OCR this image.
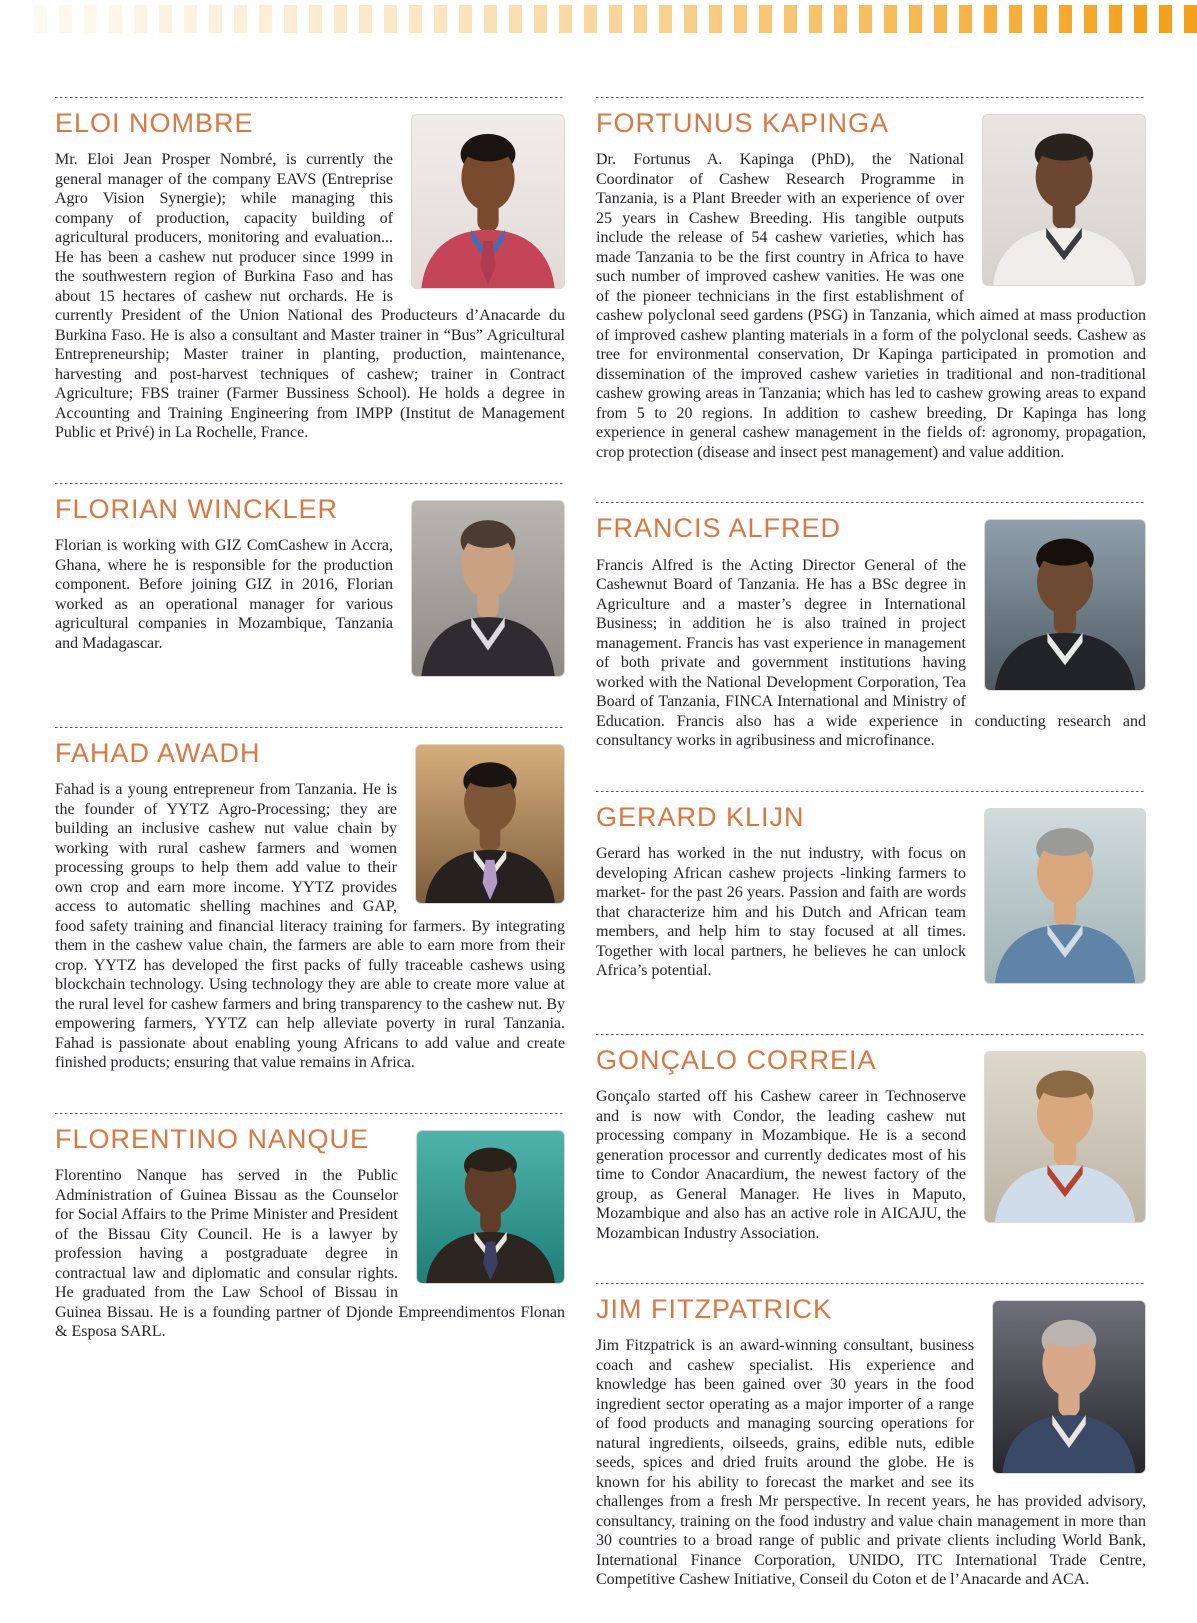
ELOI NOMBRE

Mr. Eloi Jean Prosper Nombré, is currently the general manager of the company EAVS (Entreprise Agro Vision Synergie); while managing this company of production, capacity building of agricultural producers, monitoring and evaluation... He has been a cashew nut producer since 1999 in the southwestern region of Burkina Faso and has about 15 hectares of cashew nut orchards. He is currently President of the Union National des Producteurs d’Anacarde du Burkina Faso. He is also a consultant and Master trainer in “Bus” Agricultural Entrepreneurship; Master trainer in planting, production, maintenance, harvesting and post-harvest techniques of cashew; trainer in Contract Agriculture; FBS trainer (Farmer Bussiness School). He holds a degree in Accounting and Training Engineering from IMPP (Institut de Management Public et Privé) in La Rochelle, France.

FLORIAN WINCKLER

Florian is working with GIZ ComCashew in Accra, Ghana, where he is responsible for the production component. Before joining GIZ in 2016, Florian worked as an operational manager for various agricultural companies in Mozambique, Tanzania and Madagascar.

FAHAD AWADH

Fahad is a young entrepreneur from Tanzania. He is the founder of YYTZ Agro-Processing; they are building an inclusive cashew nut value chain by working with rural cashew farmers and women processing groups to help them add value to their own crop and earn more income. YYTZ provides access to automatic shelling machines and GAP, food safety training and financial literacy training for farmers. By integrating them in the cashew value chain, the farmers are able to earn more from their crop. YYTZ has developed the first packs of fully traceable cashews using blockchain technology. Using technology they are able to create more value at the rural level for cashew farmers and bring transparency to the cashew nut. By empowering farmers, YYTZ can help alleviate poverty in rural Tanzania. Fahad is passionate about enabling young Africans to add value and create finished products; ensuring that value remains in Africa.

FLORENTINO NANQUE

Florentino Nanque has served in the Public Administration of Guinea Bissau as the Counselor for Social Affairs to the Prime Minister and President of the Bissau City Council. He is a lawyer by profession having a postgraduate degree in contractual law and diplomatic and consular rights. He graduated from the Law School of Bissau in Guinea Bissau. He is a founding partner of Djonde Empreendimentos Flonan & Esposa SARL.

FORTUNUS KAPINGA

Dr. Fortunus A. Kapinga (PhD), the National Coordinator of Cashew Research Programme in Tanzania, is a Plant Breeder with an experience of over 25 years in Cashew Breeding. His tangible outputs include the release of 54 cashew varieties, which has made Tanzania to be the first country in Africa to have such number of improved cashew vanities. He was one of the pioneer technicians in the first establishment of cashew polyclonal seed gardens (PSG) in Tanzania, which aimed at mass production of improved cashew planting materials in a form of the polyclonal seeds. Cashew as tree for environmental conservation, Dr Kapinga participated in promotion and dissemination of the improved cashew varieties in traditional and non-traditional cashew growing areas in Tanzania; which has led to cashew growing areas to expand from 5 to 20 regions. In addition to cashew breeding, Dr Kapinga has long experience in general cashew management in the fields of: agronomy, propagation, crop protection (disease and insect pest management) and value addition.

FRANCIS ALFRED

Francis Alfred is the Acting Director General of the Cashewnut Board of Tanzania. He has a BSc degree in Agriculture and a master’s degree in International Business; in addition he is also trained in project management. Francis has vast experience in management of both private and government institutions having worked with the National Development Corporation, Tea Board of Tanzania, FINCA International and Ministry of Education. Francis also has a wide experience in conducting research and consultancy works in agribusiness and microfinance.

GERARD KLIJN

Gerard has worked in the nut industry, with focus on developing African cashew projects -linking farmers to market- for the past 26 years. Passion and faith are words that characterize him and his Dutch and African team members, and help him to stay focused at all times. Together with local partners, he believes he can unlock Africa’s potential.

GONÇALO CORREIA

Gonçalo started off his Cashew career in Technoserve and is now with Condor, the leading cashew nut processing company in Mozambique. He is a second generation processor and currently dedicates most of his time to Condor Anacardium, the newest factory of the group, as General Manager. He lives in Maputo, Mozambique and also has an active role in AICAJU, the Mozambican Industry Association.

JIM FITZPATRICK

Jim Fitzpatrick is an award-winning consultant, business coach and cashew specialist. His experience and knowledge has been gained over 30 years in the food ingredient sector operating as a major importer of a range of food products and managing sourcing operations for natural ingredients, oilseeds, grains, edible nuts, edible seeds, spices and dried fruits around the globe. He is known for his ability to forecast the market and see its challenges from a fresh Mr perspective. In recent years, he has provided advisory, consultancy, training on the food industry and value chain management in more than 30 countries to a broad range of public and private clients including World Bank, International Finance Corporation, UNIDO, ITC International Trade Centre, Competitive Cashew Initiative, Conseil du Coton et de l’Anacarde and ACA.
